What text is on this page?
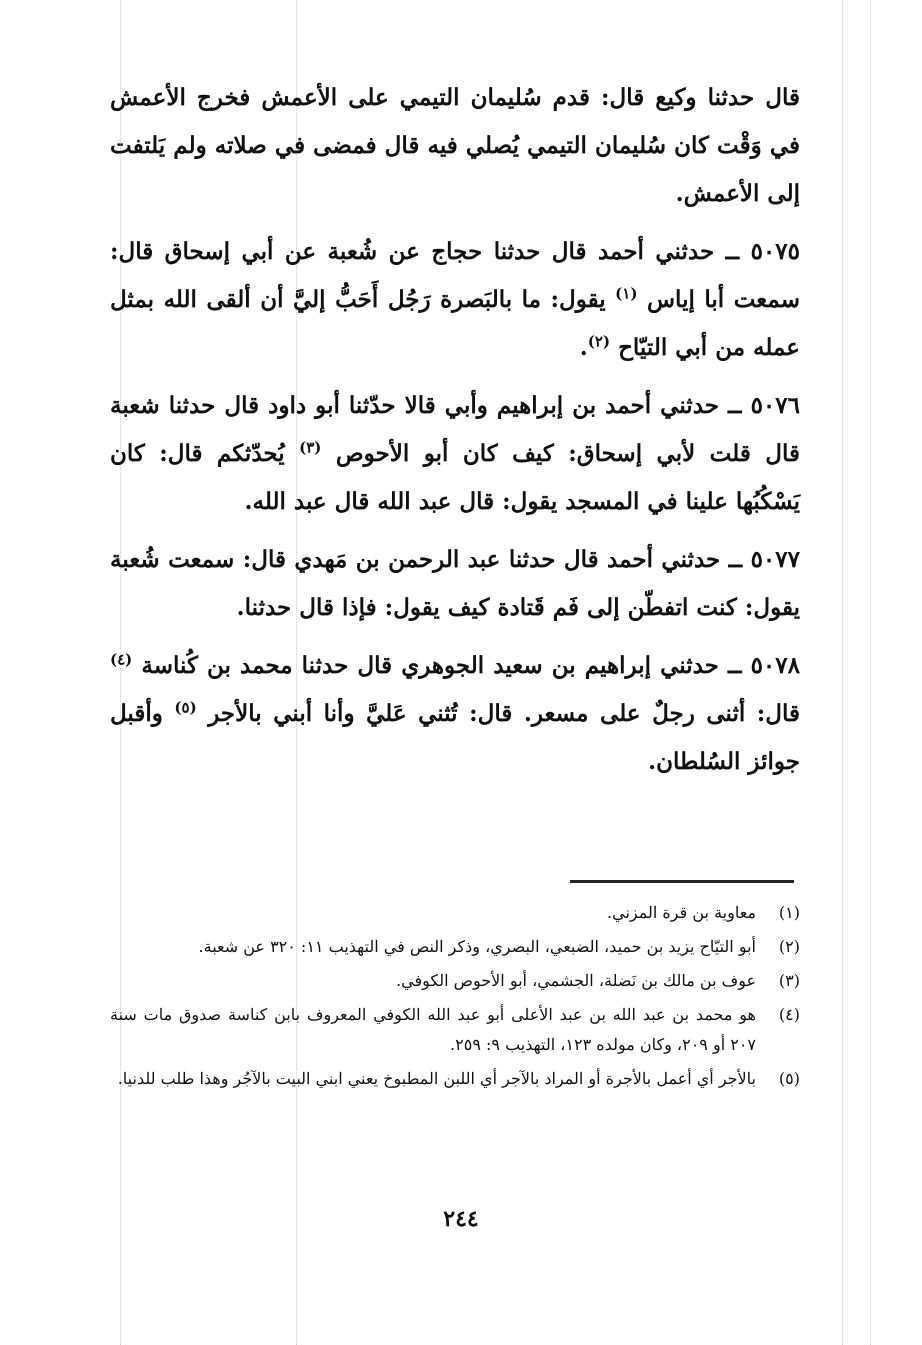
قال حدثنا وكيع قال: قدم سُليمان التيمي على الأعمش فخرج الأعمش في وَقْت كان سُليمان التيمي يُصلي فيه قال فمضى في صلاته ولم يَلتفت إلى الأعمش.

٥٠٧٥ ــ حدثني أحمد قال حدثنا حجاج عن شُعبة عن أبي إسحاق قال: سمعت أبا إياس $^{(١)}$ يقول: ما بالبَصرة رَجُل أَحَبُّ إليَّ أن ألقى الله بمثل عمله من أبي التيّاح $^{(٢)}$.

٥٠٧٦ ــ حدثني أحمد بن إبراهيم وأبي قالا حدّثنا أبو داود قال حدثنا شعبة قال قلت لأبي إسحاق: كيف كان أبو الأحوص $^{(٣)}$ يُحدّثكم قال: كان يَسْكُبُها علينا في المسجد يقول: قال عبد الله قال عبد الله.

٥٠٧٧ ــ حدثني أحمد قال حدثنا عبد الرحمن بن مَهدي قال: سمعت شُعبة يقول: كنت اتفطّن إلى فَم قَتادة كيف يقول: فإذا قال حدثنا.

٥٠٧٨ ــ حدثني إبراهيم بن سعيد الجوهري قال حدثنا محمد بن كُناسة $^{(٤)}$ قال: أثنى رجلٌ على مسعر. قال: تُثني عَليَّ وأنا أبني بالأجر $^{(٥)}$ وأقبل جوائز السُلطان.

(١)
معاوية بن قرة المزني.
(٢)
أبو التيّاح يزيد بن حميد، الضبعي، البصري، وذكر النص في التهذيب ١١: ٣٢٠ عن شعبة.
(٣)
عوف بن مالك بن نَضلة، الجشمي، أبو الأحوص الكوفي.
(٤)
هو محمد بن عبد الله بن عبد الأعلى أبو عبد الله الكوفي المعروف بابن كناسة صدوق مات سنة ٢٠٧ أو ٢٠٩، وكان مولده ١٢٣، التهذيب ٩: ٢٥٩.
(٥)
بالأجر أي أعمل بالأجرة أو المراد بالآجر أي اللبن المطبوخ يعني ابني البيت بالآجُر وهذا طلب للدنيا.
٢٤٤
